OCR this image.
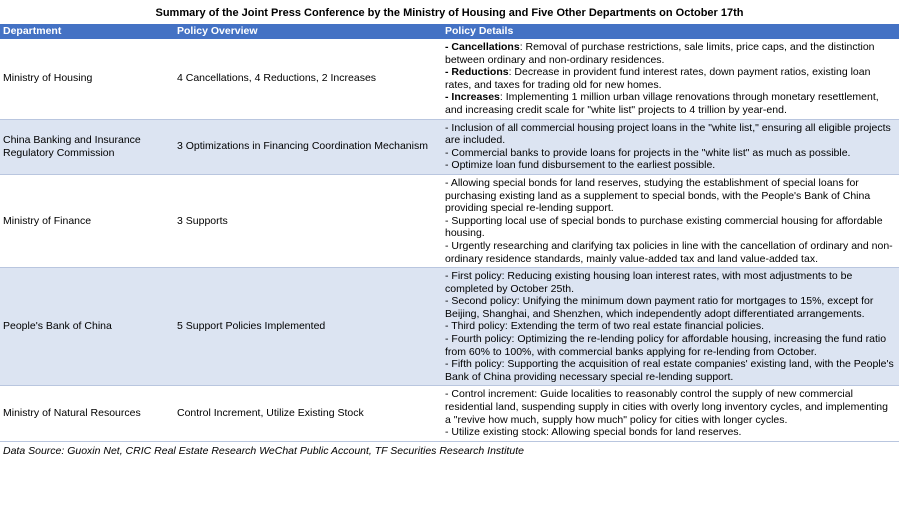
Summary of the Joint Press Conference by the Ministry of Housing and Five Other Departments on October 17th
Department	Policy Overview	Policy Details
Ministry of Housing	4 Cancellations, 4 Reductions, 2 Increases	- Cancellations: Removal of purchase restrictions, sale limits, price caps, and the distinction between ordinary and non-ordinary residences.
- Reductions: Decrease in provident fund interest rates, down payment ratios, existing loan rates, and taxes for trading old for new homes.
- Increases: Implementing 1 million urban village renovations through monetary resettlement, and increasing credit scale for "white list" projects to 4 trillion by year-end.

China Banking and Insurance Regulatory Commission	3 Optimizations in Financing Coordination Mechanism	- Inclusion of all commercial housing project loans in the "white list," ensuring all eligible projects are included.
- Commercial banks to provide loans for projects in the "white list" as much as possible.
- Optimize loan fund disbursement to the earliest possible.

Ministry of Finance	3 Supports	- Allowing special bonds for land reserves, studying the establishment of special loans for purchasing existing land as a supplement to special bonds, with the People's Bank of China providing special re-lending support.
- Supporting local use of special bonds to purchase existing commercial housing for affordable housing.
- Urgently researching and clarifying tax policies in line with the cancellation of ordinary and non-ordinary residence standards, mainly value-added tax and land value-added tax.

People's Bank of China	5 Support Policies Implemented	- First policy: Reducing existing housing loan interest rates, with most adjustments to be completed by October 25th.
- Second policy: Unifying the minimum down payment ratio for mortgages to 15%, except for Beijing, Shanghai, and Shenzhen, which independently adopt differentiated arrangements.
- Third policy: Extending the term of two real estate financial policies.
- Fourth policy: Optimizing the re-lending policy for affordable housing, increasing the fund ratio from 60% to 100%, with commercial banks applying for re-lending from October.
- Fifth policy: Supporting the acquisition of real estate companies' existing land, with the People's Bank of China providing necessary special re-lending support.

Ministry of Natural Resources	Control Increment, Utilize Existing Stock	- Control increment: Guide localities to reasonably control the supply of new commercial residential land, suspending supply in cities with overly long inventory cycles, and implementing a "revive how much, supply how much" policy for cities with longer cycles.
- Utilize existing stock: Allowing special bonds for land reserves.
Data Source: Guoxin Net, CRIC Real Estate Research WeChat Public Account, TF Securities Research Institute
